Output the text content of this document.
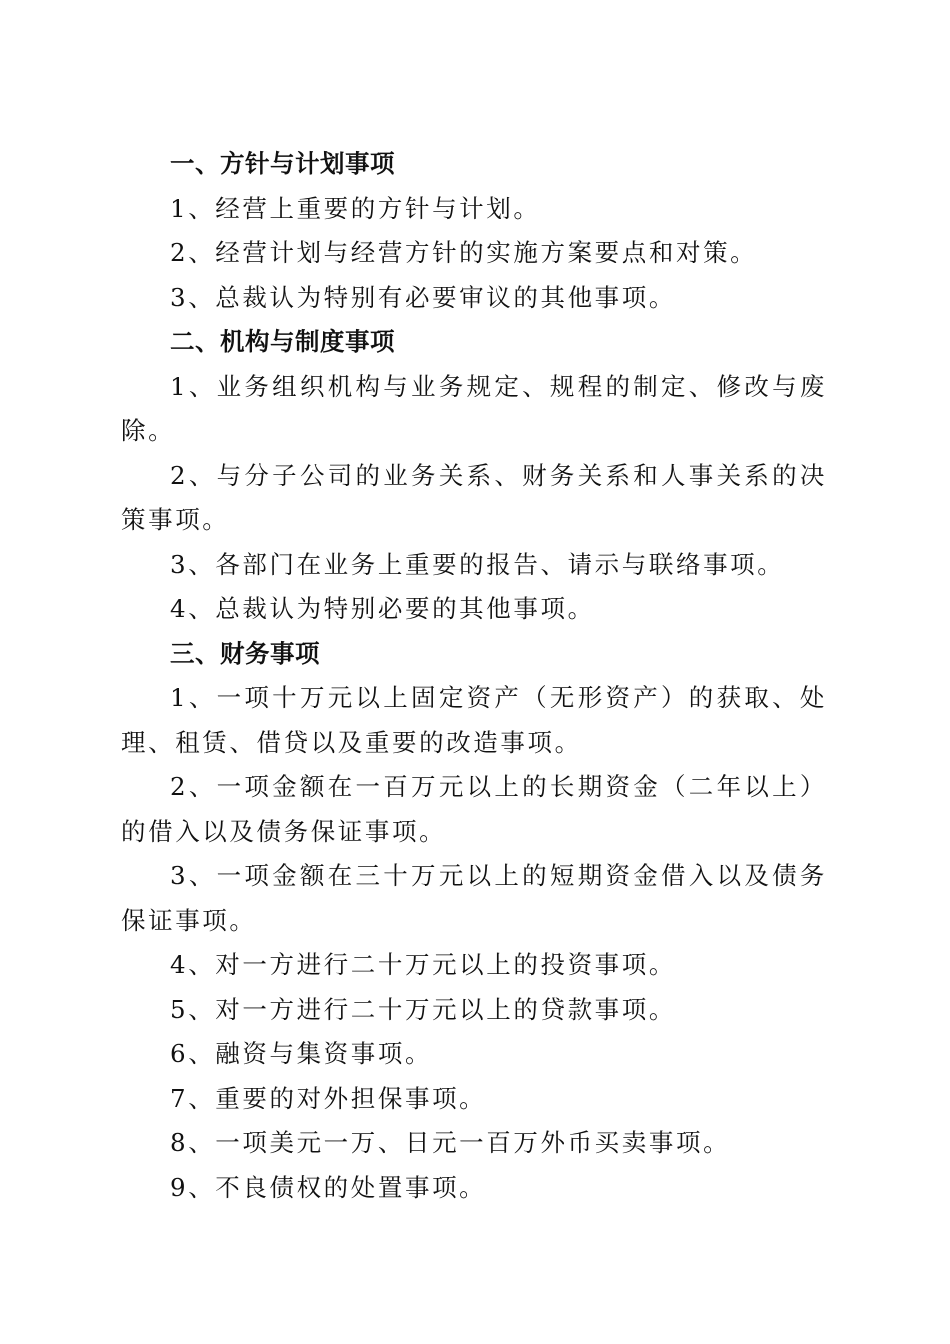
一、方针与计划事项

1、经营上重要的方针与计划。

2、经营计划与经营方针的实施方案要点和对策。

3、总裁认为特别有必要审议的其他事项。

二、机构与制度事项

1、业务组织机构与业务规定、规程的制定、修改与废除。

2、与分子公司的业务关系、财务关系和人事关系的决策事项。

3、各部门在业务上重要的报告、请示与联络事项。

4、总裁认为特别必要的其他事项。

三、财务事项

1、一项十万元以上固定资产（无形资产）的获取、处理、租赁、借贷以及重要的改造事项。

2、一项金额在一百万元以上的长期资金（二年以上）的借入以及债务保证事项。

3、一项金额在三十万元以上的短期资金借入以及债务保证事项。

4、对一方进行二十万元以上的投资事项。

5、对一方进行二十万元以上的贷款事项。

6、融资与集资事项。

7、重要的对外担保事项。

8、一项美元一万、日元一百万外币买卖事项。

9、不良债权的处置事项。
